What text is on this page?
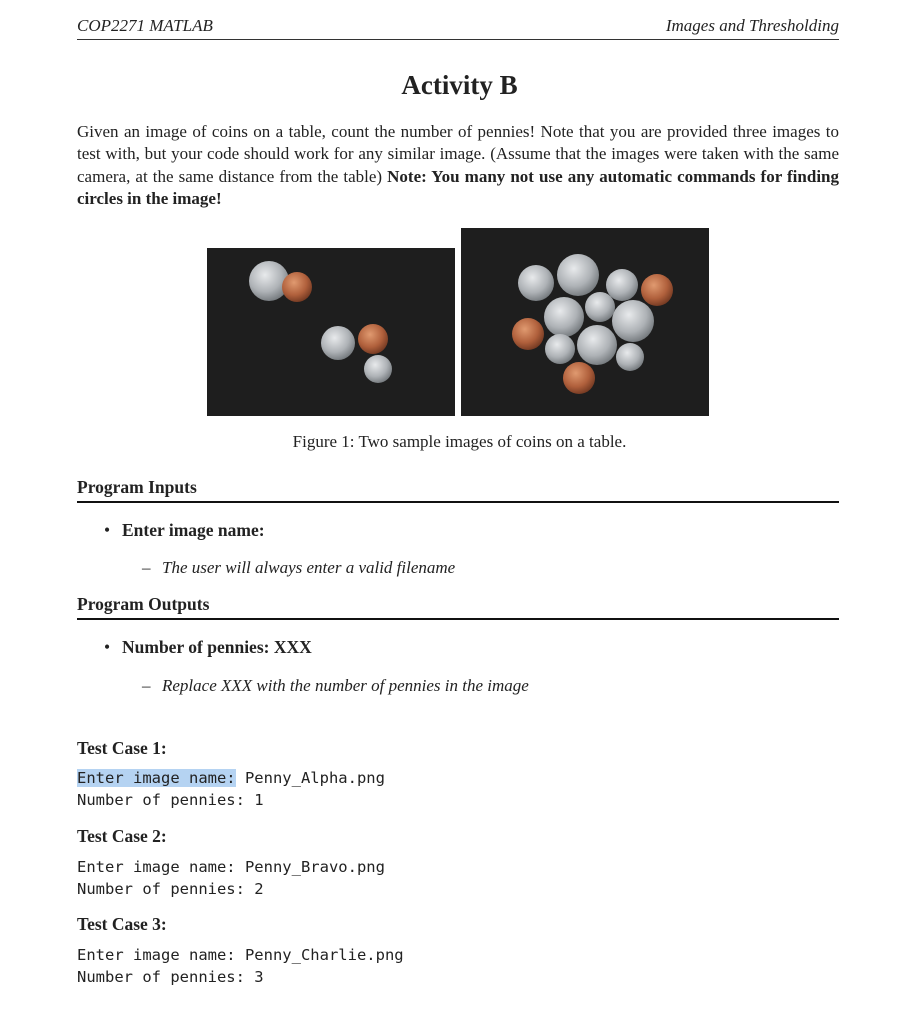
COP2271 MATLAB	Images and Thresholding
Activity B
Given an image of coins on a table, count the number of pennies! Note that you are provided three images to test with, but your code should work for any similar image. (Assume that the images were taken with the same camera, at the same distance from the table) Note: You many not use any automatic commands for finding circles in the image!
Figure 1: Two sample images of coins on a table.
Program Inputs
• Enter image name:
– The user will always enter a valid filename
Program Outputs
• Number of pennies: XXX
– Replace XXX with the number of pennies in the image
Test Case 1:
Enter image name: Penny_Alpha.png
Number of pennies: 1
Test Case 2:
Enter image name: Penny_Bravo.png
Number of pennies: 2
Test Case 3:
Enter image name: Penny_Charlie.png
Number of pennies: 3
